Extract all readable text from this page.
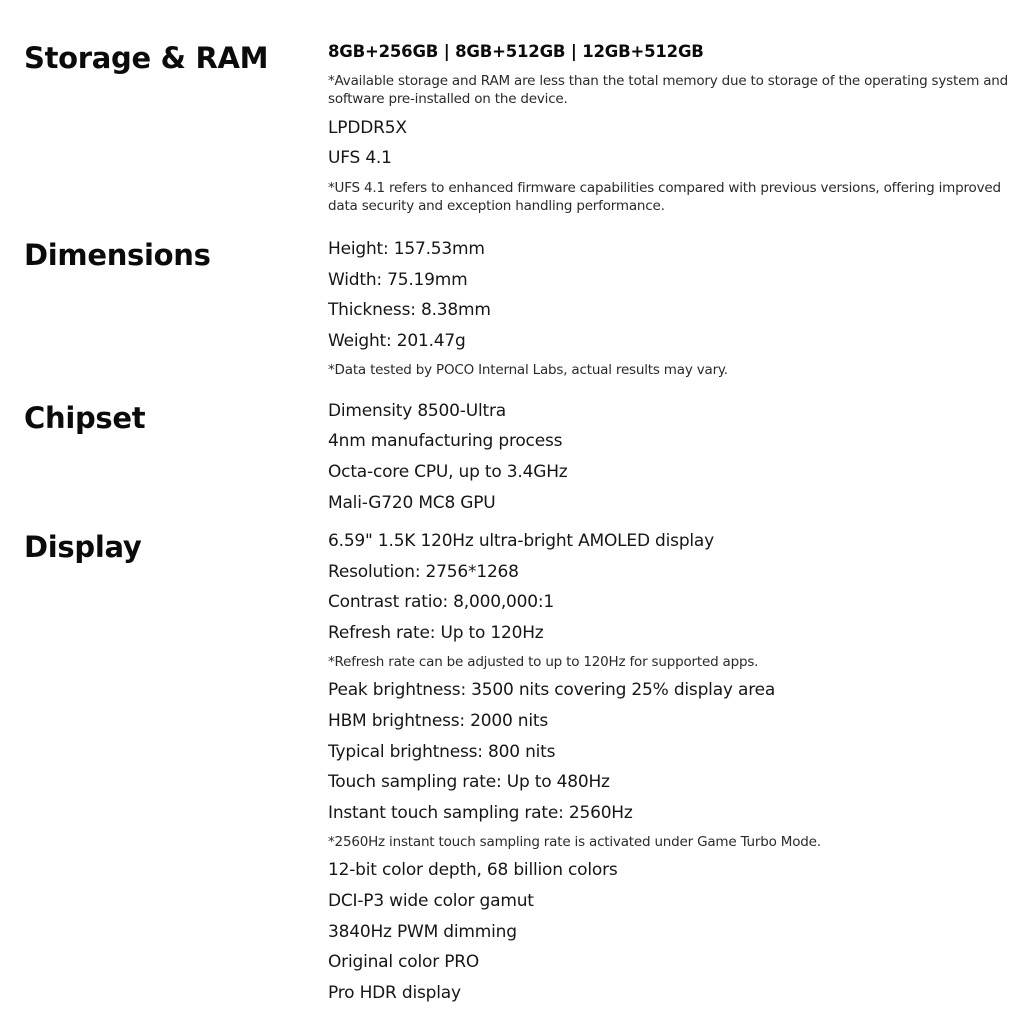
Storage & RAM	8GB+256GB | 8GB+512GB | 12GB+512GB

*Available storage and RAM are less than the total memory due to storage of the operating system and software pre-installed on the device.

LPDDR5X

UFS 4.1

*UFS 4.1 refers to enhanced firmware capabilities compared with previous versions, offering improved data security and exception handling performance.

Dimensions	Height: 157.53mm

Width: 75.19mm

Thickness: 8.38mm

Weight: 201.47g

*Data tested by POCO Internal Labs, actual results may vary.

Chipset	Dimensity 8500-Ultra

4nm manufacturing process

Octa-core CPU, up to 3.4GHz

Mali-G720 MC8 GPU

Display	6.59" 1.5K 120Hz ultra-bright AMOLED display

Resolution: 2756*1268

Contrast ratio: 8,000,000:1

Refresh rate: Up to 120Hz

*Refresh rate can be adjusted to up to 120Hz for supported apps.

Peak brightness: 3500 nits covering 25% display area

HBM brightness: 2000 nits

Typical brightness: 800 nits

Touch sampling rate: Up to 480Hz

Instant touch sampling rate: 2560Hz

*2560Hz instant touch sampling rate is activated under Game Turbo Mode.

12-bit color depth, 68 billion colors

DCI-P3 wide color gamut

3840Hz PWM dimming

Original color PRO

Pro HDR display
